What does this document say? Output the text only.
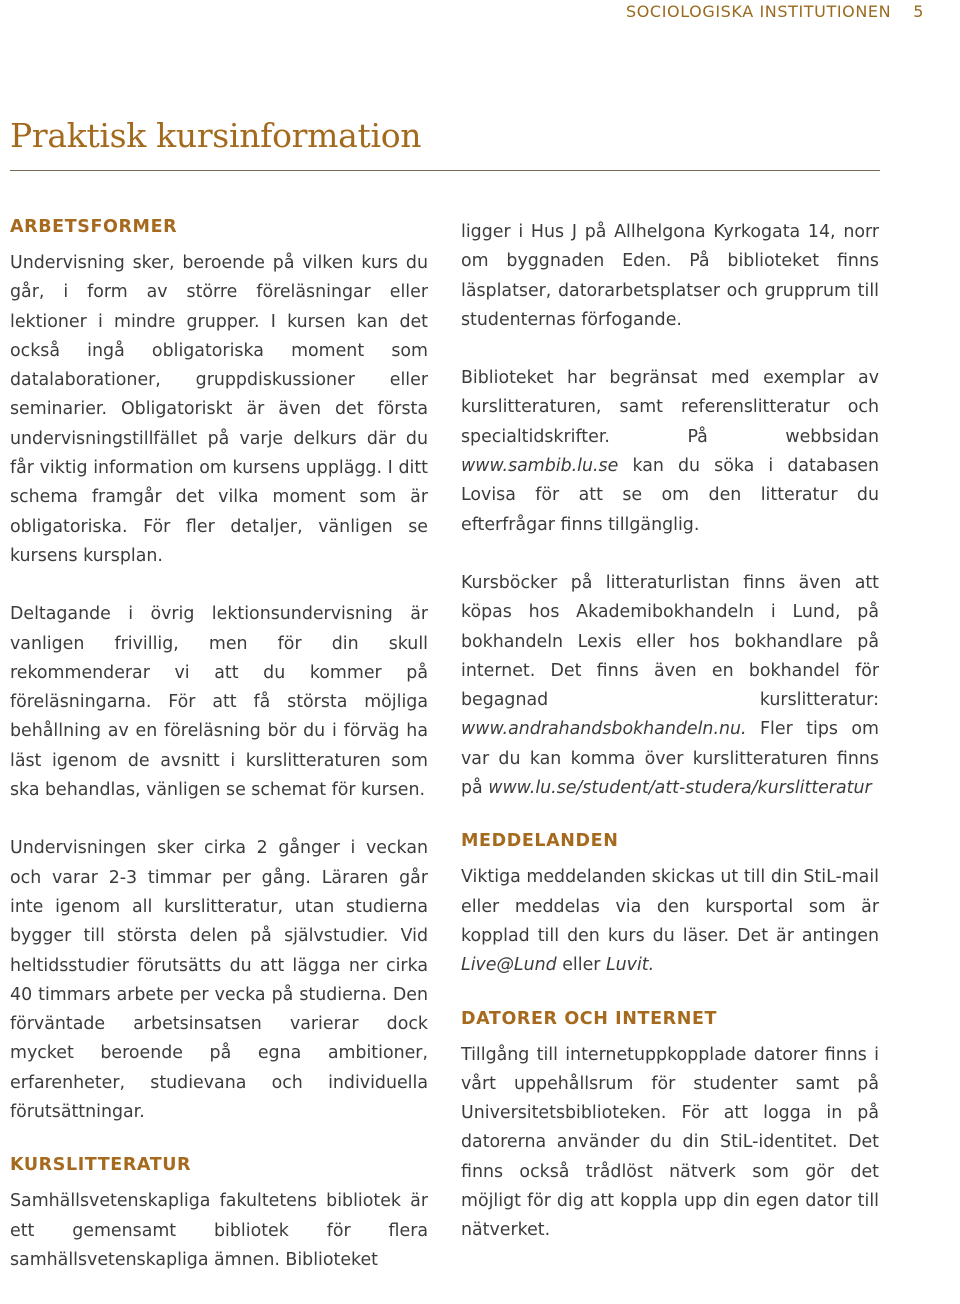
SOCIOLOGISKA INSTITUTIONEN 5
Praktisk kursinformation
ARBETSFORMER

Undervisning sker, beroende på vilken kurs du går, i form av större föreläsningar eller lektioner i mindre grupper. I kursen kan det också ingå obligatoriska moment som datalaborationer, gruppdiskussioner eller seminarier. Obligatoriskt är även det första undervisningstillfället på varje delkurs där du får viktig information om kursens upplägg. I ditt schema framgår det vilka moment som är obligatoriska. För fler detaljer, vänligen se kursens kursplan.

Deltagande i övrig lektionsundervisning är vanligen frivillig, men för din skull rekommenderar vi att du kommer på föreläsningarna. För att få största möjliga behållning av en föreläsning bör du i förväg ha läst igenom de avsnitt i kurslitteraturen som ska behandlas, vänligen se schemat för kursen.

Undervisningen sker cirka 2 gånger i veckan och varar 2-3 timmar per gång. Läraren går inte igenom all kurslitteratur, utan studierna bygger till största delen på självstudier. Vid heltidsstudier förutsätts du att lägga ner cirka 40 timmars arbete per vecka på studierna. Den förväntade arbetsinsatsen varierar dock mycket beroende på egna ambitioner, erfarenheter, studievana och individuella förutsättningar.

KURSLITTERATUR

Samhällsvetenskapliga fakultetens bibliotek är ett gemensamt bibliotek för flera samhällsvetenskapliga ämnen. Biblioteket

ligger i Hus J på Allhelgona Kyrkogata 14, norr om byggnaden Eden. På biblioteket finns läsplatser, datorarbetsplatser och grupprum till studenternas förfogande.

Biblioteket har begränsat med exemplar av kurslitteraturen, samt referenslitteratur och specialtidskrifter. På webbsidan www.sambib.lu.se kan du söka i databasen Lovisa för att se om den litteratur du efterfrågar finns tillgänglig.

Kursböcker på litteraturlistan finns även att köpas hos Akademibokhandeln i Lund, på bokhandeln Lexis eller hos bokhandlare på internet. Det finns även en bokhandel för begagnad kurslitteratur: www.andrahandsbokhandeln.nu. Fler tips om var du kan komma över kurslitteraturen finns på www.lu.se/student/att-studera/kurslitteratur

MEDDELANDEN

Viktiga meddelanden skickas ut till din StiL-mail eller meddelas via den kursportal som är kopplad till den kurs du läser. Det är antingen Live@Lund eller Luvit.

DATORER OCH INTERNET

Tillgång till internetuppkopplade datorer finns i vårt uppehållsrum för studenter samt på Universitetsbiblioteken. För att logga in på datorerna använder du din StiL-identitet. Det finns också trådlöst nätverk som gör det möjligt för dig att koppla upp din egen dator till nätverket.
